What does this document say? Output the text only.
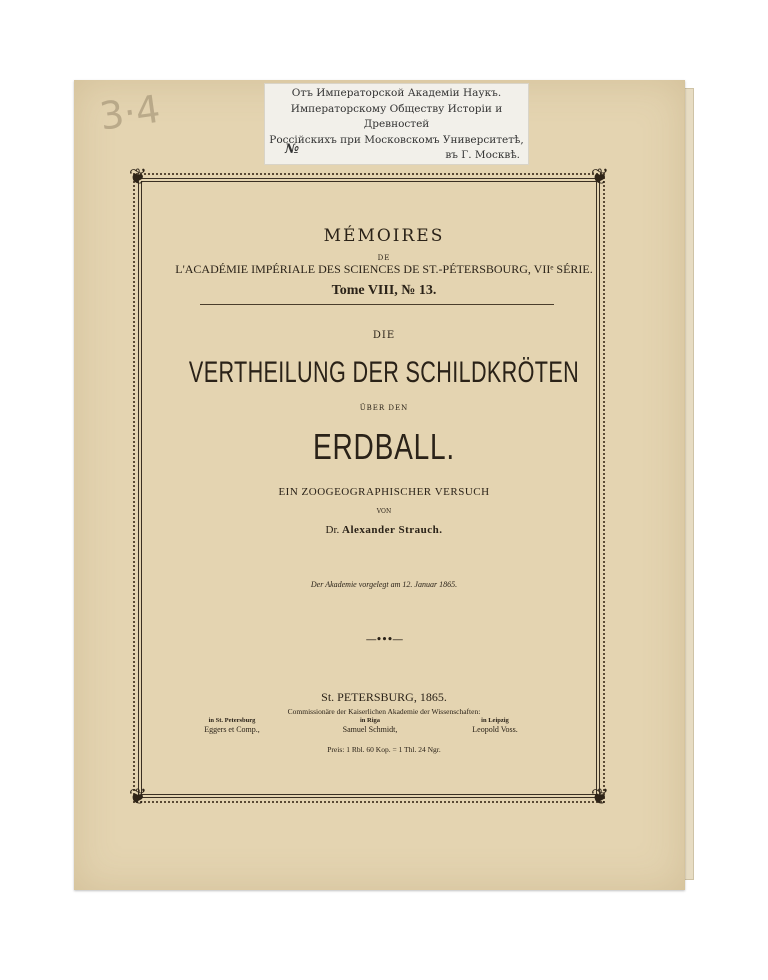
3·4	Отъ Императорской Академіи Наукъ.
Императорскому Обществу Исторіи и Древностей
Россійскихъ при Московскомъ Университетѣ,
въ Г. Москвѣ.
№
❦	❦
❦	❦
MÉMOIRES
DE
L'ACADÉMIE IMPÉRIALE DES SCIENCES DE ST.-PÉTERSBOURG, VIIᵉ SÉRIE.
Tome VIII, № 13.
DIE
VERTHEILUNG DER SCHILDKRÖTEN
ÜBER DEN
ERDBALL.
EIN ZOOGEOGRAPHISCHER VERSUCH
VON
Dr. Alexander Strauch.
Der Akademie vorgelegt am 12. Januar 1865.
—•••—
St. PETERSBURG, 1865.
Commissionäre der Kaiserlichen Akademie der Wissenschaften:
in St. Petersburg
Eggers et Comp.,
in Riga
Samuel Schmidt,
in Leipzig
Leopold Voss.
Preis: 1 Rbl. 60 Kop. = 1 Thl. 24 Ngr.
